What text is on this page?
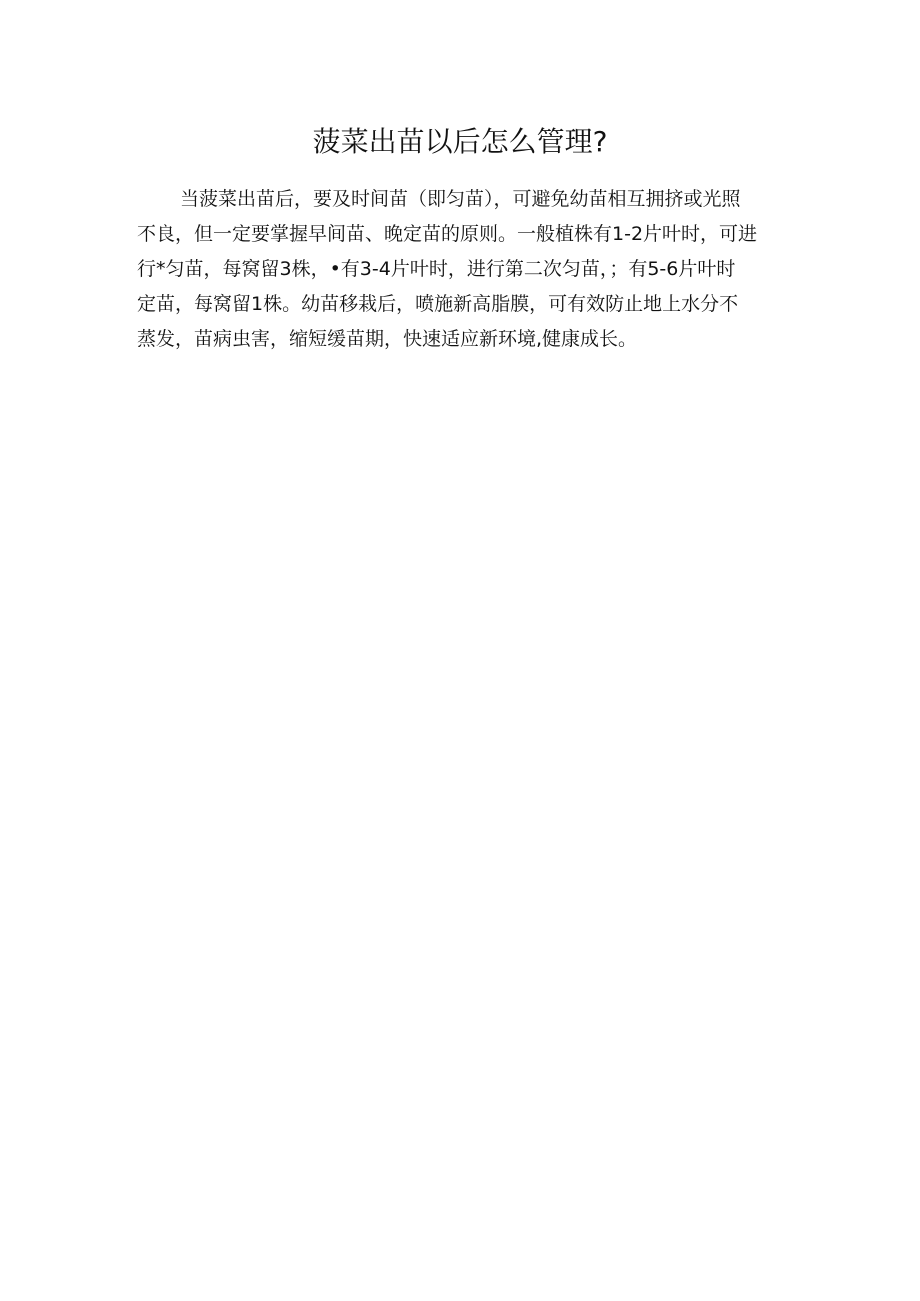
菠菜出苗以后怎么管理?
当菠菜出苗后，要及时间苗（即匀苗），可避免幼苗相互拥挤或光照
不良，但一定要掌握早间苗、晚定苗的原则。一般植株有1-2片叶时，可进
行*匀苗，每窝留3株，•有3-4片叶时，进行第二次匀苗，；有5-6片叶时
定苗，每窝留1株。幼苗移栽后，喷施新高脂膜，可有效防止地上水分不
蒸发，苗病虫害，缩短缓苗期，快速适应新环境,健康成长。
